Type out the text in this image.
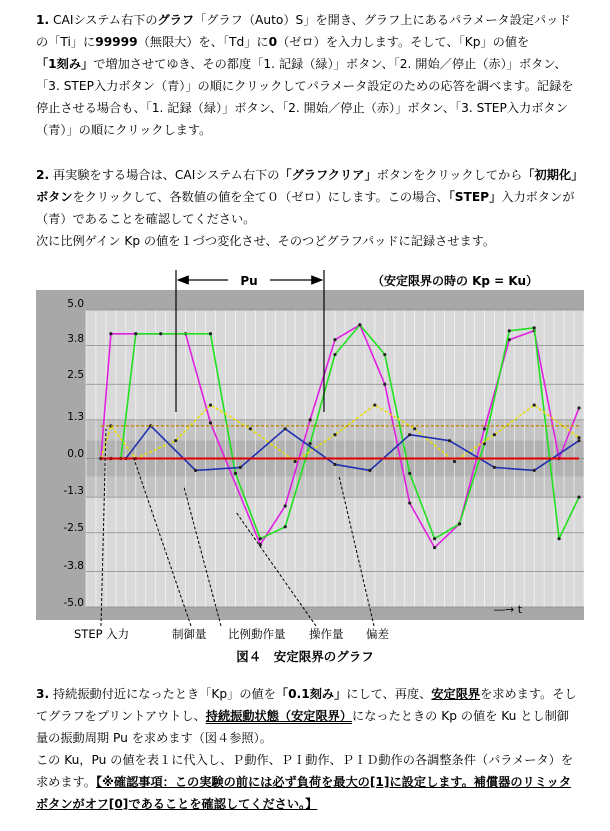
1. CAIシステム右下のグラフ「グラフ（Auto）S」を開き、グラフ上にあるパラメータ設定パッドの「Ti」に99999（無限大）を、「Td」に0（ゼロ）を入力します。そして、「Kp」の値を「1刻み」で増加させてゆき、その都度「1. 記録（緑）」ボタン、「2. 開始／停止（赤）」ボタン、「3. STEP入力ボタン（青）」の順にクリックしてパラメータ設定のための応答を調べます。記録を停止させる場合も、「1. 記録（緑）」ボタン、「2. 開始／停止（赤）」ボタン、「3. STEP入力ボタン（青）」の順にクリックします。
2. 再実験をする場合は、CAIシステム右下の「グラフクリア」ボタンをクリックしてから「初期化」ボタンをクリックして、各数値の値を全て０（ゼロ）にします。この場合、「STEP」入力ボタンが（青）であることを確認してください。
次に比例ゲイン Kp の値を１づつ変化させ、そのつどグラフパッドに記録させます。
Pu	（安定限界の時の Kp = Ku）
5.0
3.8
2.5
1.3
0.0
-1.3
-2.5
-3.8
-5.0	―→ t
STEP 入力	制御量 比例動作量 操作量 偏差
図４　安定限界のグラフ
3. 持続振動付近になったとき「Kp」の値を「0.1刻み」にして、再度、安定限界を求めます。そしてグラフをプリントアウトし、持続振動状態（安定限界）になったときの Kp の値を Ku とし制御量の振動周期 Pu を求めます（図４参照）。
この Ku，Pu の値を表１に代入し、Ｐ動作、ＰＩ動作、ＰＩＤ動作の各調整条件（パラメータ）を求めます。【※確認事項：この実験の前には必ず負荷を最大の[1]に設定します。補償器のリミッタボタンがオフ[0]であることを確認してください。】
